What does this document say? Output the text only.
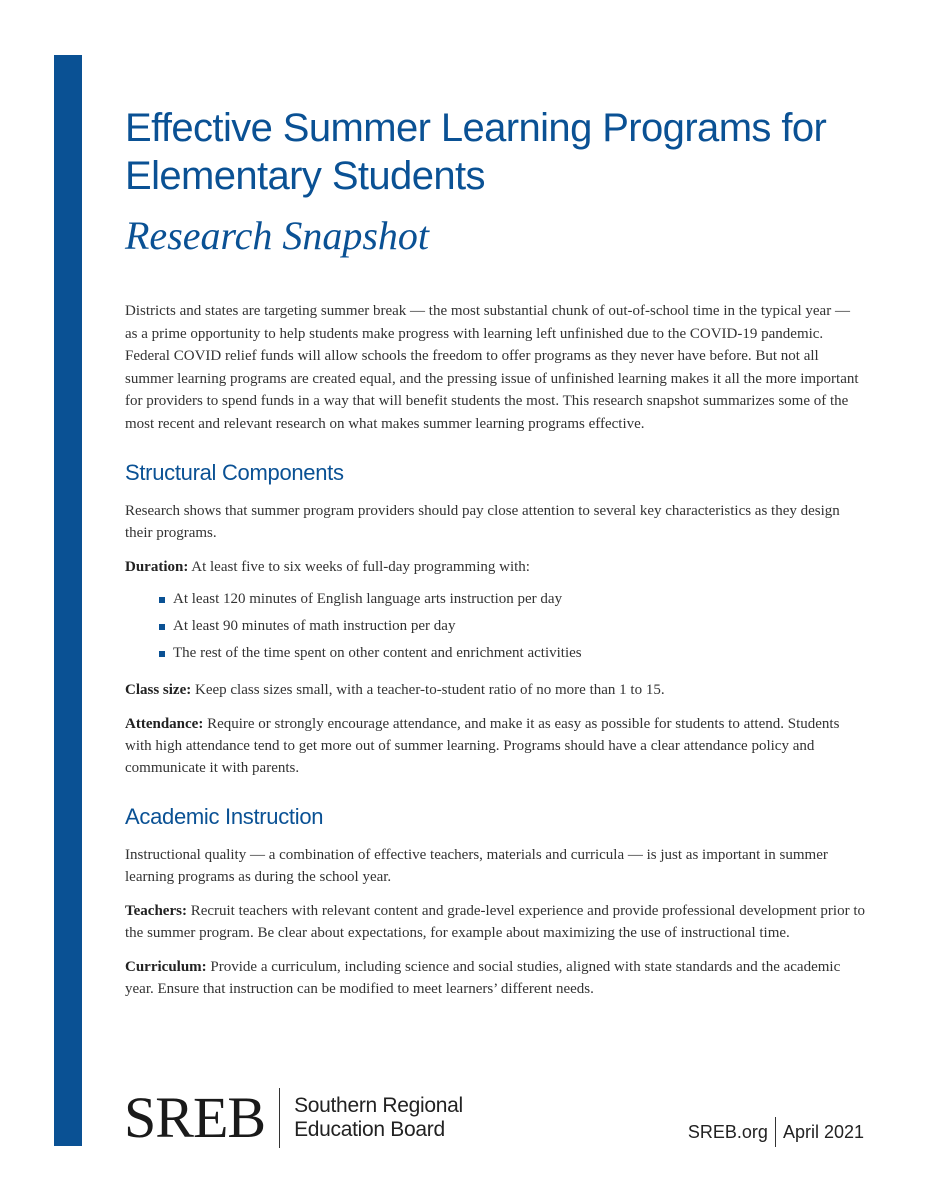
Effective Summer Learning Programs for Elementary Students
Research Snapshot

Districts and states are targeting summer break — the most substantial chunk of out-of-school time in the typical year — as a prime opportunity to help students make progress with learning left unfinished due to the COVID-19 pandemic. Federal COVID relief funds will allow schools the freedom to offer programs as they never have before. But not all summer learning programs are created equal, and the pressing issue of unfinished learning makes it all the more important for providers to spend funds in a way that will benefit students the most. This research snapshot summarizes some of the most recent and relevant research on what makes summer learning programs effective.

Structural Components

Research shows that summer program providers should pay close attention to several key characteristics as they design their programs.

Duration: At least five to six weeks of full-day programming with:

At least 120 minutes of English language arts instruction per day
At least 90 minutes of math instruction per day
The rest of the time spent on other content and enrichment activities

Class size: Keep class sizes small, with a teacher-to-student ratio of no more than 1 to 15.

Attendance: Require or strongly encourage attendance, and make it as easy as possible for students to attend. Students with high attendance tend to get more out of summer learning. Programs should have a clear attendance policy and communicate it with parents.

Academic Instruction

Instructional quality — a combination of effective teachers, materials and curricula — is just as important in summer learning programs as during the school year.

Teachers: Recruit teachers with relevant content and grade-level experience and provide professional development prior to the summer program. Be clear about expectations, for example about maximizing the use of instructional time.

Curriculum: Provide a curriculum, including science and social studies, aligned with state standards and the academic year. Ensure that instruction can be modified to meet learners’ different needs.

SREB Southern Regional
Education Board	SREB.org April 2021
